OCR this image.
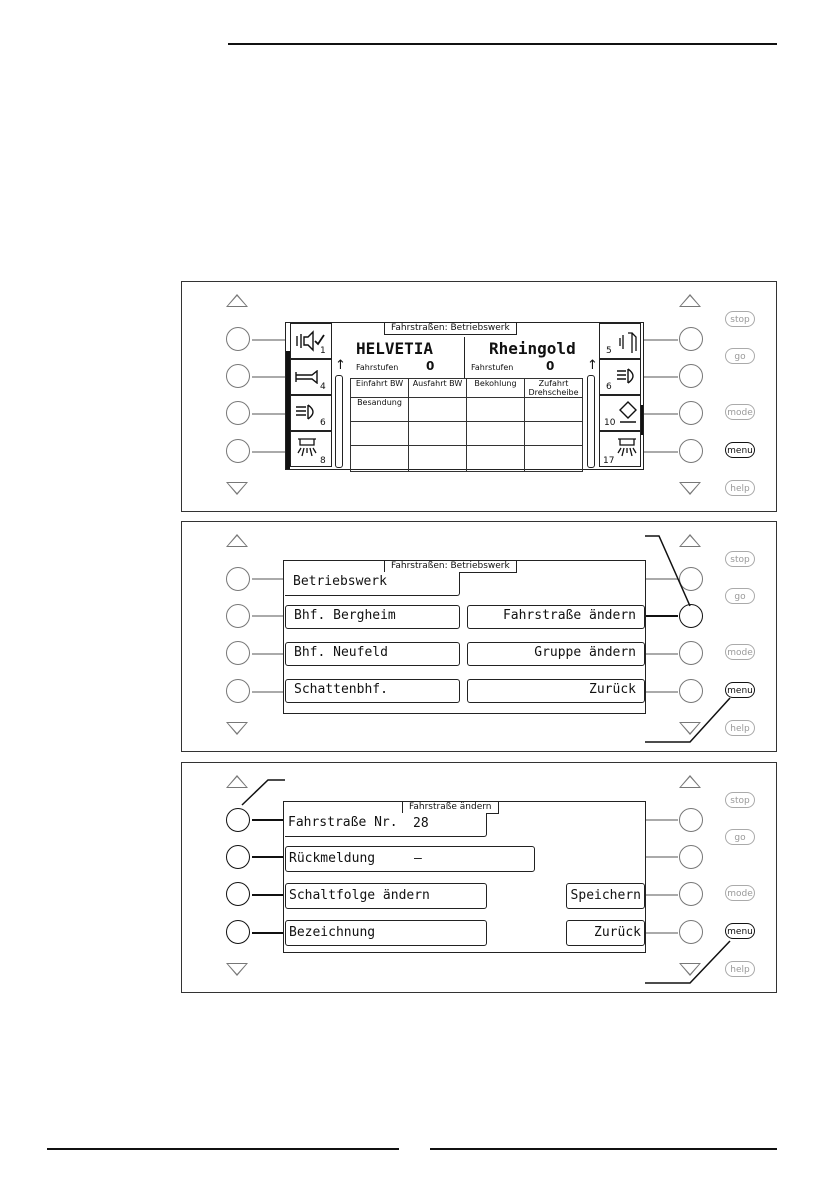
stop
go
mode
menu
help
Fahrstraßen: Betriebswerk
1
4
6
8
HELVETIA	Rheingold
Fahrstufen 0	Fahrstufen	0
↑	↑
Einfahrt BW	Ausfahrt BW	Bekohlung	Zufahrt Drehscheibe
Besandung			

5
6
10
17
stop
go
mode
menu
help
Fahrstraßen: Betriebswerk
Betriebswerk
Bhf. Bergheim
Bhf. Neufeld
Schattenbhf.
Fahrstraße ändern
Gruppe ändern
Zurück
stop
go
mode
menu
help
Fahrstraße ändern
Fahrstraße Nr. 28
Rückmeldung	–
Schaltfolge ändern
Bezeichnung
Speichern
Zurück
